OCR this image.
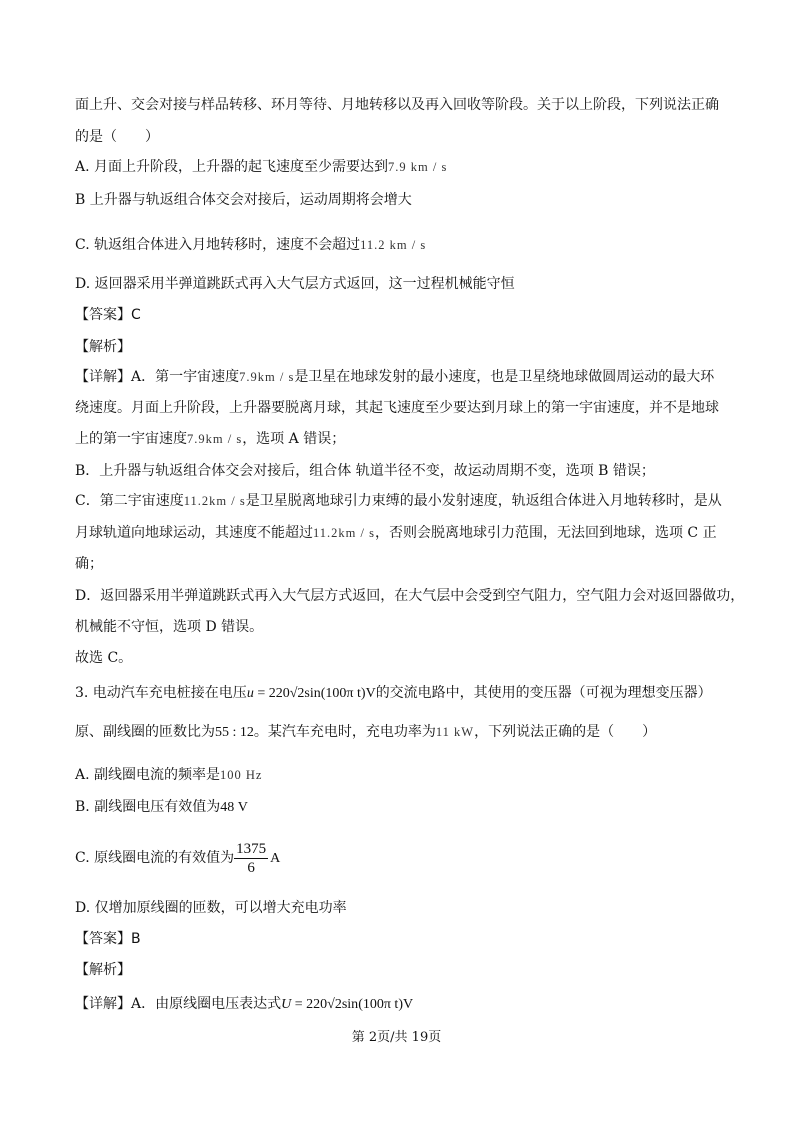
面上升、交会对接与样品转移、环月等待、月地转移以及再入回收等阶段。关于以上阶段，下列说法正确
的是（　　）
A. 月面上升阶段，上升器的起飞速度至少需要达到7.9 km / s
B 上升器与轨返组合体交会对接后，运动周期将会增大
C. 轨返组合体进入月地转移时，速度不会超过11.2 km / s
D. 返回器采用半弹道跳跃式再入大气层方式返回，这一过程机械能守恒
【答案】C
【解析】
【详解】A．第一宇宙速度7.9km / s是卫星在地球发射的最小速度，也是卫星绕地球做圆周运动的最大环
绕速度。月面上升阶段，上升器要脱离月球，其起飞速度至少要达到月球上的第一宇宙速度，并不是地球
上的第一宇宙速度7.9km / s，选项 A 错误；
B．上升器与轨返组合体交会对接后，组合体 轨道半径不变，故运动周期不变，选项 B 错误；
C．第二宇宙速度11.2km / s是卫星脱离地球引力束缚的最小发射速度，轨返组合体进入月地转移时，是从
月球轨道向地球运动，其速度不能超过11.2km / s，否则会脱离地球引力范围，无法回到地球，选项 C 正
确；
D．返回器采用半弹道跳跃式再入大气层方式返回，在大气层中会受到空气阻力，空气阻力会对返回器做功，
机械能不守恒，选项 D 错误。
故选 C。
3. 电动汽车充电桩接在电压u = 220√2sin(100π t)V的交流电路中，其使用的变压器（可视为理想变压器）
原、副线圈的匝数比为55 : 12。某汽车充电时，充电功率为11 kW，下列说法正确的是（　　）
A. 副线圈电流的频率是100 Hz
B. 副线圈电压有效值为48 V
C. 原线圈电流的有效值为 $\frac{1375}{6}$ A
D. 仅增加原线圈的匝数，可以增大充电功率
【答案】B
【解析】
【详解】A．由原线圈电压表达式U = 220√2sin(100π t)V
第 2页/共 19页
